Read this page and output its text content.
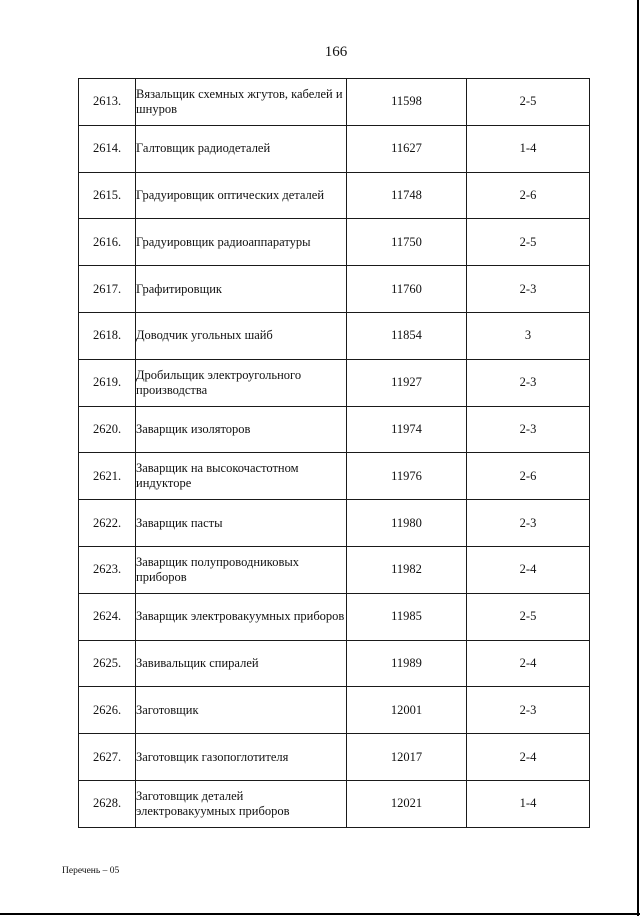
166
2613.	Вязальщик схемных жгутов, кабелей и шнуров	11598	2-5
2614.	Галтовщик радиодеталей	11627	1-4
2615.	Градуировщик оптических деталей	11748	2-6
2616.	Градуировщик радиоаппаратуры	11750	2-5
2617.	Графитировщик	11760	2-3
2618.	Доводчик угольных шайб	11854	3
2619.	Дробильщик электроугольного производства	11927	2-3
2620.	Заварщик изоляторов	11974	2-3
2621.	Заварщик на высокочастотном индукторе	11976	2-6
2622.	Заварщик пасты	11980	2-3
2623.	Заварщик полупроводниковых приборов	11982	2-4
2624.	Заварщик электровакуумных приборов	11985	2-5
2625.	Завивальщик спиралей	11989	2-4
2626.	Заготовщик	12001	2-3
2627.	Заготовщик газопоглотителя	12017	2-4
2628.	Заготовщик деталей электровакуумных приборов	12021	1-4
Перечень – 05
